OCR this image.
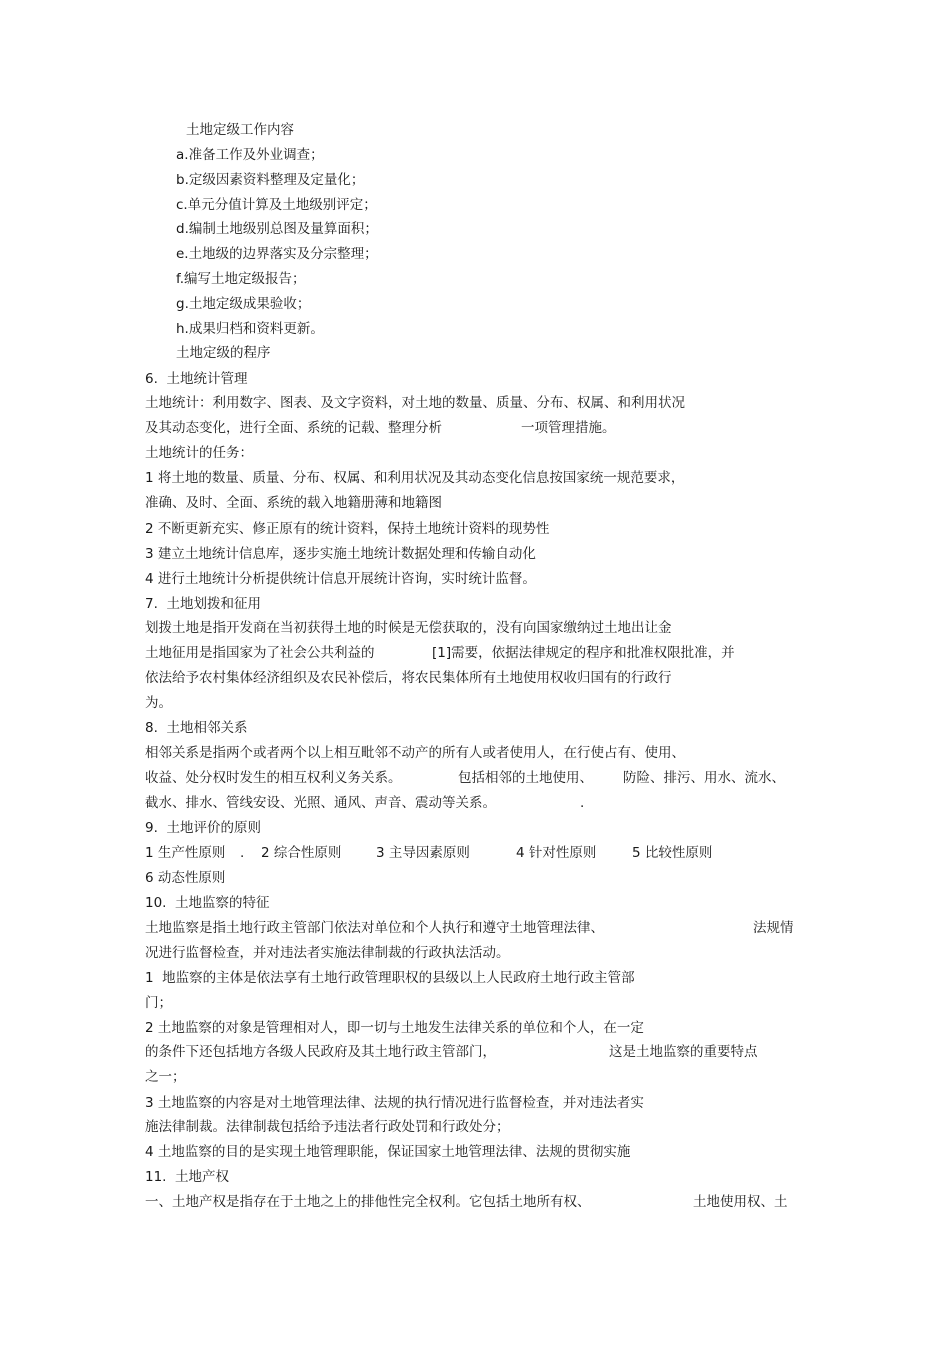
土地定级工作内容
a.准备工作及外业调查；
b.定级因素资料整理及定量化；
c.单元分值计算及土地级别评定；
d.编制土地级别总图及量算面积；
e.土地级的边界落实及分宗整理；
f.编写土地定级报告；
g.土地定级成果验收；
h.成果归档和资料更新。
土地定级的程序
6.  土地统计管理
土地统计：利用数字、图表、及文字资料，对土地的数量、质量、分布、权属、和利用状况
及其动态变化，进行全面、系统的记载、整理分析	一项管理措施。
土地统计的任务：
1 将土地的数量、质量、分布、权属、和利用状况及其动态变化信息按国家统一规范要求，
准确、及时、全面、系统的载入地籍册薄和地籍图
2 不断更新充实、修正原有的统计资料，保持土地统计资料的现势性
3 建立土地统计信息库，逐步实施土地统计数据处理和传输自动化
4 进行土地统计分析提供统计信息开展统计咨询，实时统计监督。
7.  土地划拨和征用
划拨土地是指开发商在当初获得土地的时候是无偿获取的，没有向国家缴纳过土地出让金
土地征用是指国家为了社会公共利益的	[1]需要，依据法律规定的程序和批准权限批准，并
依法给予农村集体经济组织及农民补偿后，将农民集体所有土地使用权收归国有的行政行
为。
8.  土地相邻关系
相邻关系是指两个或者两个以上相互毗邻不动产的所有人或者使用人，在行使占有、使用、
收益、处分权时发生的相互权利义务关系。	包括相邻的土地使用、 防险、排污、用水、流水、
截水、排水、管线安设、光照、通风、声音、震动等关系。	.
9.  土地评价的原则
1 生产性原则 . 2 综合性原则	3 主导因素原则	4 针对性原则	5 比较性原则
6 动态性原则
10.  土地监察的特征
土地监察是指土地行政主管部门依法对单位和个人执行和遵守土地管理法律、	法规情
况进行监督检查，并对违法者实施法律制裁的行政执法活动。
1  地监察的主体是依法享有土地行政管理职权的县级以上人民政府土地行政主管部
门；
2 土地监察的对象是管理相对人，即一切与土地发生法律关系的单位和个人，在一定
的条件下还包括地方各级人民政府及其土地行政主管部门，	这是土地监察的重要特点
之一；
3 土地监察的内容是对土地管理法律、法规的执行情况进行监督检查，并对违法者实
施法律制裁。法律制裁包括给予违法者行政处罚和行政处分；
4 土地监察的目的是实现土地管理职能，保证国家土地管理法律、法规的贯彻实施
11.  土地产权
一、土地产权是指存在于土地之上的排他性完全权利。它包括土地所有权、	土地使用权、土
